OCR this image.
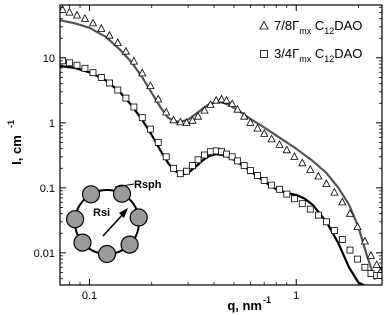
0.1	1
0.01
0.1
1
10
$7/8\Gamma_{mx}$ $C_{12}DAO$
$3/4\Gamma_{mx}$ $C_{12}DAO$
Rsph
Rsi
q, nm -1
I, cm
-1
